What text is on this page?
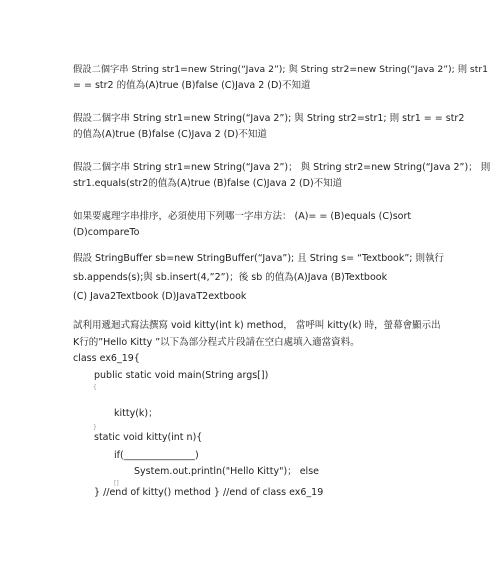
假設二個字串 String str1=new String(“Java 2”); 與 String str2=new String(“Java 2”); 則 str1
= = str2 的值為(A)true (B)false (C)Java 2 (D)不知道
假設二個字串 String str1=new String(“Java 2”); 與 String str2=str1; 則 str1 = = str2
的值為(A)true (B)false (C)Java 2 (D)不知道
假設二個字串 String str1=new String(“Java 2”)； 與 String str2=new String(“Java 2”)； 則
str1.equals(str2的值為(A)true (B)false (C)Java 2 (D)不知道
如果要處理字串排序，必須使用下列哪一字串方法： (A)= = (B)equals (C)sort
(D)compareTo
假設 StringBuffer sb=new StringBuffer(“Java”); 且 String s= “Textbook”; 則執行
sb.appends(s);與 sb.insert(4,”2”)；後 sb 的值為(A)Java (B)Textbook
(C) Java2Textbook (D)JavaT2extbook
試利用遞迴式寫法撰寫 void kitty(int k) method， 當呼叫 kitty(k) 時，螢幕會顯示出
K行的”Hello Kitty ”以下為部分程式片段請在空白處填入適當資料。
class ex6_19{
public static void main(String args[])
{
kitty(k)；
}
static void kitty(int n){
if(_______________)
System.out.println("Hello Kitty")； else
[]
} //end of kitty() method } //end of class ex6_19
